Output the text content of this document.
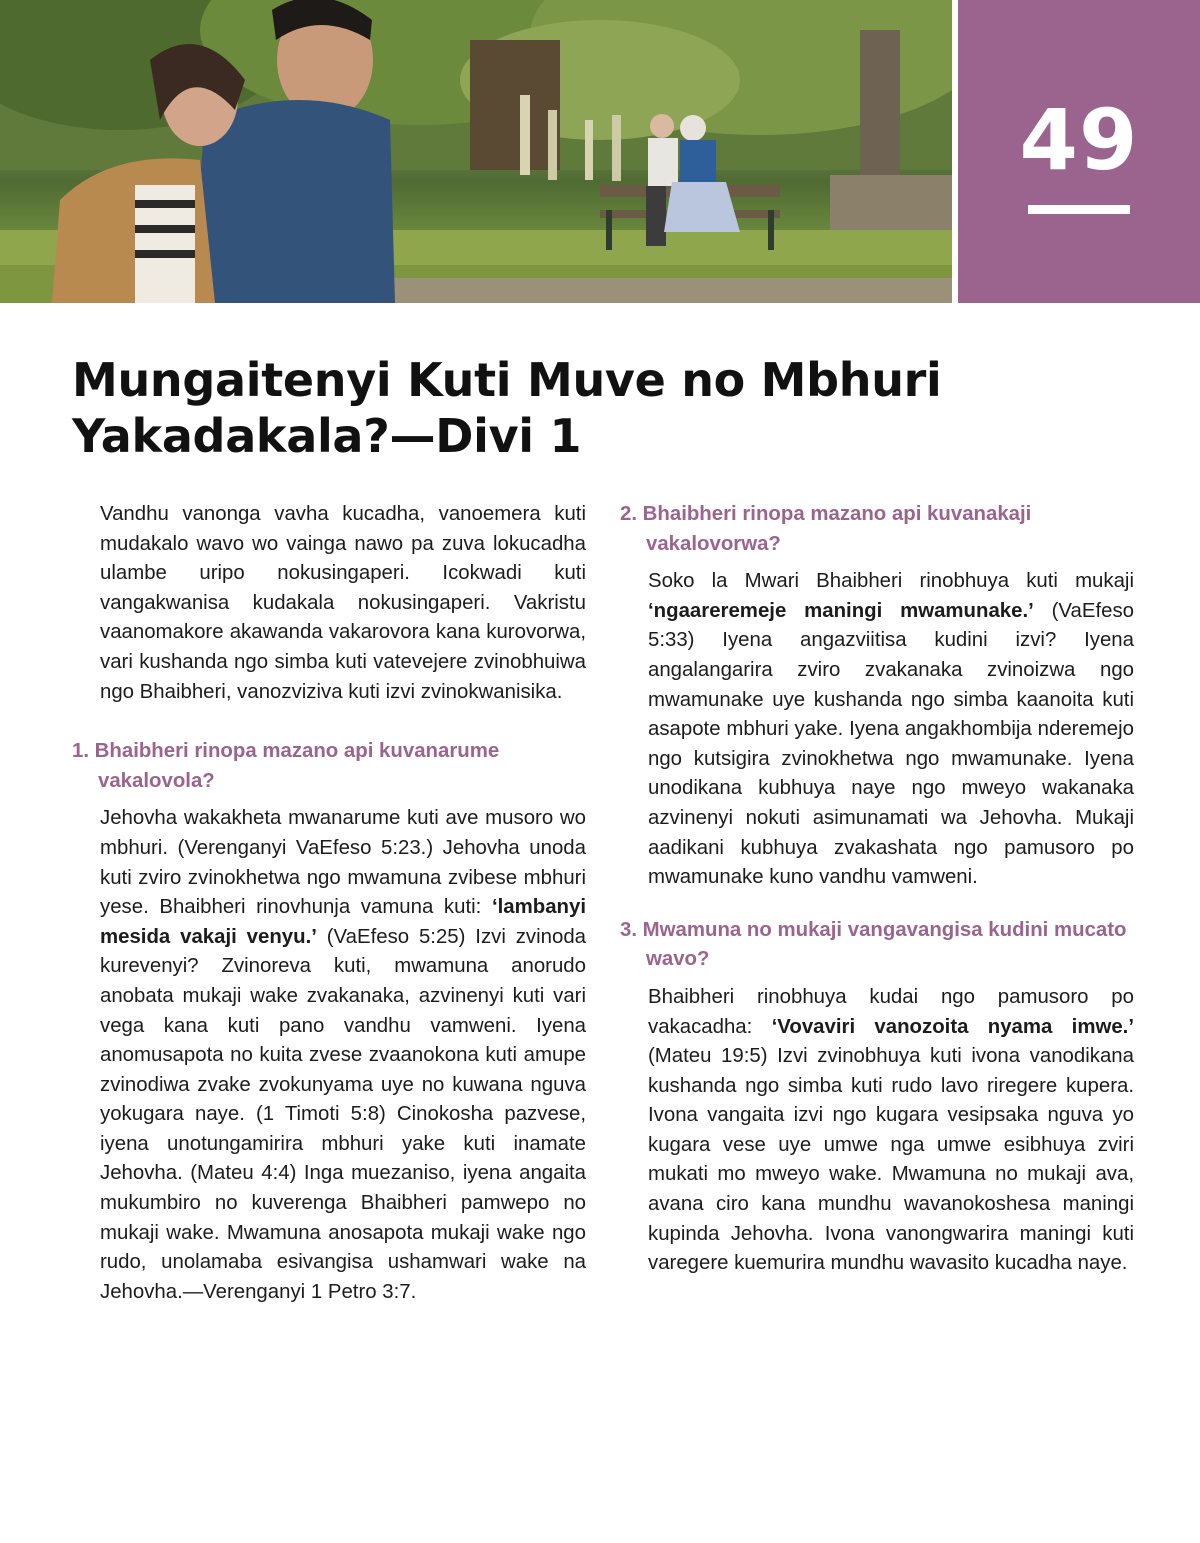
49
Mungaitenyi Kuti Muve no Mbhuri
Yakadakala?—Divi 1

Vandhu vanonga vavha kucadha, vanoemera kuti mudakalo wavo wo vainga nawo pa zuva lokucadha ulambe uripo nokusingaperi. Icokwadi kuti vangakwanisa kudakala nokusingaperi. Vakristu vaanomakore akawanda vakarovora kana kurovorwa, vari kushanda ngo simba kuti vatevejere zvinobhuiwa ngo Bhaibheri, vanozviziva kuti izvi zvinokwanisika.

1. Bhaibheri rinopa mazano api kuvanarume vakalovola?

Jehovha wakakheta mwanarume kuti ave musoro wo mbhuri. (Verenganyi VaEfeso 5:23.) Jehovha unoda kuti zviro zvinokhetwa ngo mwamuna zvibese mbhuri yese. Bhaibheri rinovhunja vamuna kuti: ‘lambanyi mesida vakaji venyu.’ (VaEfeso 5:25) Izvi zvinoda kurevenyi? Zvinoreva kuti, mwamuna anorudo anobata mukaji wake zvakanaka, azvinenyi kuti vari vega kana kuti pano vandhu vamweni. Iyena anomusapota no kuita zvese zvaanokona kuti amupe zvinodiwa zvake zvokunyama uye no kuwana nguva yokugara naye. (1 Timoti 5:8) Cinokosha pazvese, iyena unotungamirira mbhuri yake kuti inamate Jehovha. (Mateu 4:4) Inga muezaniso, iyena angaita mukumbiro no kuverenga Bhaibheri pamwepo no mukaji wake. Mwamuna anosapota mukaji wake ngo rudo, unolamaba esivangisa ushamwari wake na Jehovha.—Verenganyi 1 Petro 3:7.

2. Bhaibheri rinopa mazano api kuvanakaji vakalovorwa?

Soko la Mwari Bhaibheri rinobhuya kuti mukaji ‘ngaareremeje maningi mwamunake.’ (VaEfeso 5:33) Iyena angazviitisa kudini izvi? Iyena angalangarira zviro zvakanaka zvinoizwa ngo mwamunake uye kushanda ngo simba kaanoita kuti asapote mbhuri yake. Iyena angakhombija nderemejo ngo kutsigira zvinokhetwa ngo mwamunake. Iyena unodikana kubhuya naye ngo mweyo wakanaka azvinenyi nokuti asimunamati wa Jehovha. Mukaji aadikani kubhuya zvakashata ngo pamusoro po mwamunake kuno vandhu vamweni.

3. Mwamuna no mukaji vangavangisa kudini mucato wavo?

Bhaibheri rinobhuya kudai ngo pamusoro po vakacadha: ‘Vovaviri vanozoita nyama imwe.’ (Mateu 19:5) Izvi zvinobhuya kuti ivona vanodikana kushanda ngo simba kuti rudo lavo riregere kupera. Ivona vangaita izvi ngo kugara vesipsaka nguva yo kugara vese uye umwe nga umwe esibhuya zviri mukati mo mweyo wake. Mwamuna no mukaji ava, avana ciro kana mundhu wavanokoshesa maningi kupinda Jehovha. Ivona vanongwarira maningi kuti varegere kuemurira mundhu wavasito kucadha naye.
